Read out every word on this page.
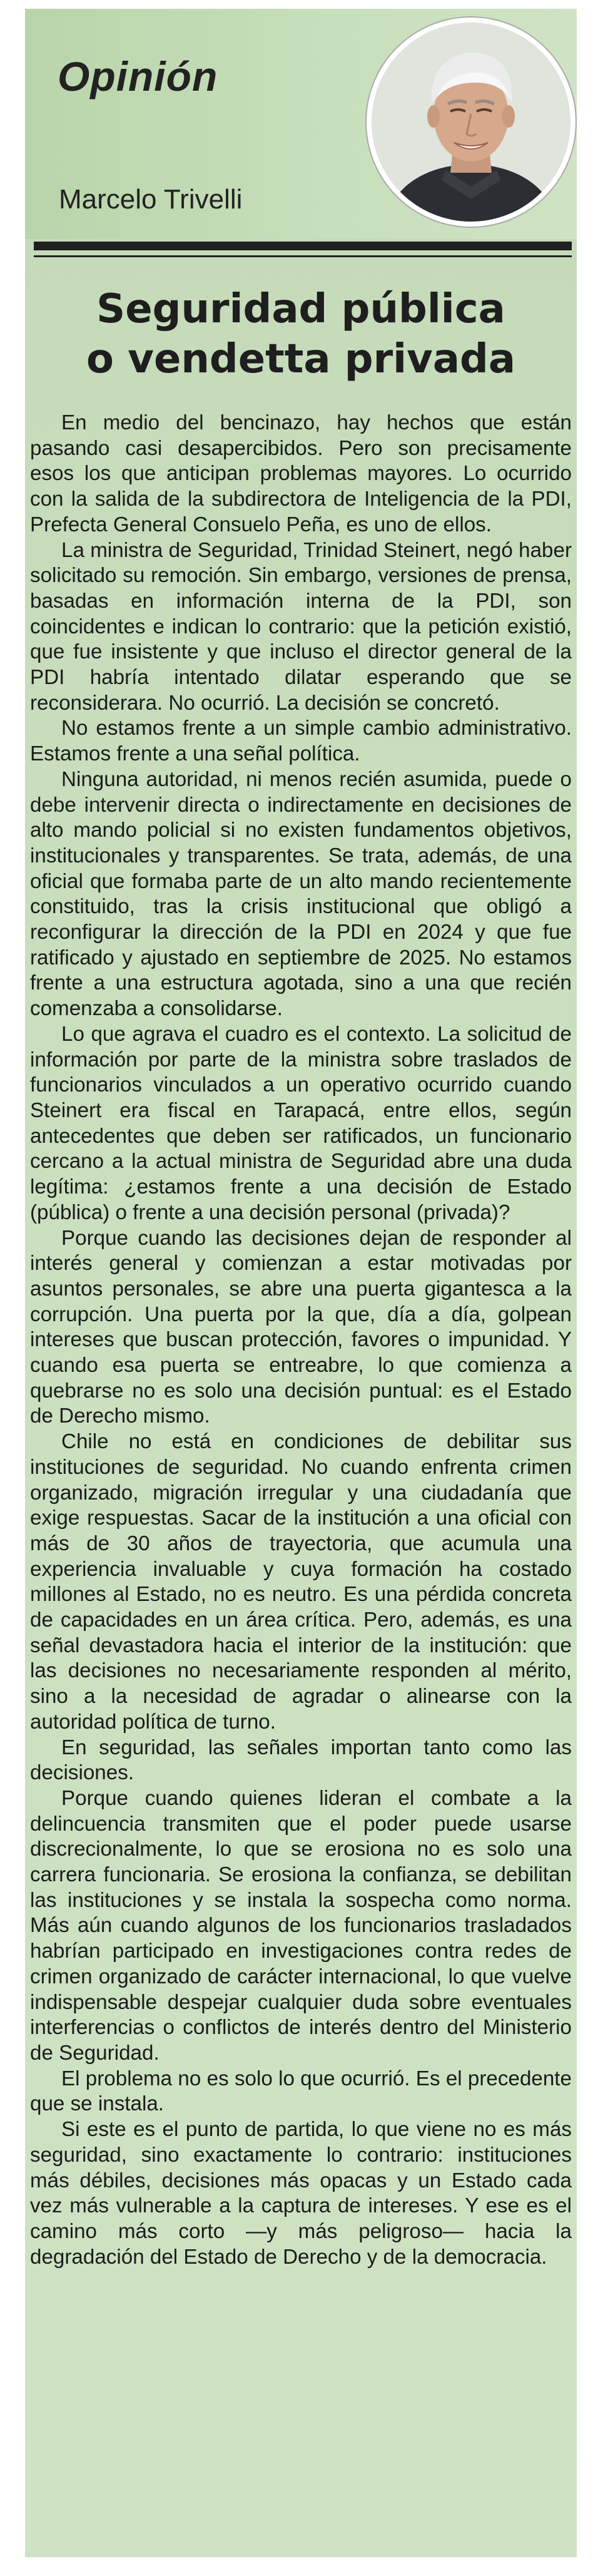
Opinión
Marcelo Trivelli
Seguridad pública
o vendetta privada

En medio del bencinazo, hay hechos que están pasando casi desapercibidos. Pero son precisamente esos los que anticipan problemas mayores. Lo ocurrido con la salida de la subdirectora de Inteligencia de la PDI, Prefecta General Consuelo Peña, es uno de ellos.

La ministra de Seguridad, Trinidad Steinert, negó haber solicitado su remoción. Sin embargo, versiones de prensa, basadas en información interna de la PDI, son coincidentes e indican lo contrario: que la petición existió, que fue insistente y que incluso el director general de la PDI habría intentado dilatar esperando que se reconsiderara. No ocurrió. La decisión se concretó.

No estamos frente a un simple cambio administrativo. Estamos frente a una señal política.

Ninguna autoridad, ni menos recién asumida, puede o debe intervenir directa o indirectamente en decisiones de alto mando policial si no existen fundamentos objetivos, institucionales y transparentes. Se trata, además, de una oficial que formaba parte de un alto mando recientemente constituido, tras la crisis institucional que obligó a reconfigurar la dirección de la PDI en 2024 y que fue ratificado y ajustado en septiembre de 2025. No estamos frente a una estructura agotada, sino a una que recién comenzaba a consolidarse.

Lo que agrava el cuadro es el contexto. La solicitud de información por parte de la ministra sobre traslados de funcionarios vinculados a un operativo ocurrido cuando Steinert era fiscal en Tarapacá, entre ellos, según antecedentes que deben ser ratificados, un funcionario cercano a la actual ministra de Seguridad abre una duda legítima: ¿estamos frente a una decisión de Estado (pública) o frente a una decisión personal (privada)?

Porque cuando las decisiones dejan de responder al interés general y comienzan a estar motivadas por asuntos personales, se abre una puerta gigantesca a la corrupción. Una puerta por la que, día a día, golpean intereses que buscan protección, favores o impunidad. Y cuando esa puerta se entreabre, lo que comienza a quebrarse no es solo una decisión puntual: es el Estado de Derecho mismo.

Chile no está en condiciones de debilitar sus instituciones de seguridad. No cuando enfrenta crimen organizado, migración irregular y una ciudadanía que exige respuestas. Sacar de la institución a una oficial con más de 30 años de trayectoria, que acumula una experiencia invaluable y cuya formación ha costado millones al Estado, no es neutro. Es una pérdida concreta de capacidades en un área crítica. Pero, además, es una señal devastadora hacia el interior de la institución: que las decisiones no necesariamente responden al mérito, sino a la necesidad de agradar o alinearse con la autoridad política de turno.

En seguridad, las señales importan tanto como las decisiones.

Porque cuando quienes lideran el combate a la delincuencia transmiten que el poder puede usarse discrecionalmente, lo que se erosiona no es solo una carrera funcionaria. Se erosiona la confianza, se debilitan las instituciones y se instala la sospecha como norma. Más aún cuando algunos de los funcionarios trasladados habrían participado en investigaciones contra redes de crimen organizado de carácter internacional, lo que vuelve indispensable despejar cualquier duda sobre eventuales interferencias o conflictos de interés dentro del Ministerio de Seguridad.

El problema no es solo lo que ocurrió. Es el precedente que se instala.

Si este es el punto de partida, lo que viene no es más seguridad, sino exactamente lo contrario: instituciones más débiles, decisiones más opacas y un Estado cada vez más vulnerable a la captura de intereses. Y ese es el camino más corto —y más peligroso— hacia la degradación del Estado de Derecho y de la democracia.
